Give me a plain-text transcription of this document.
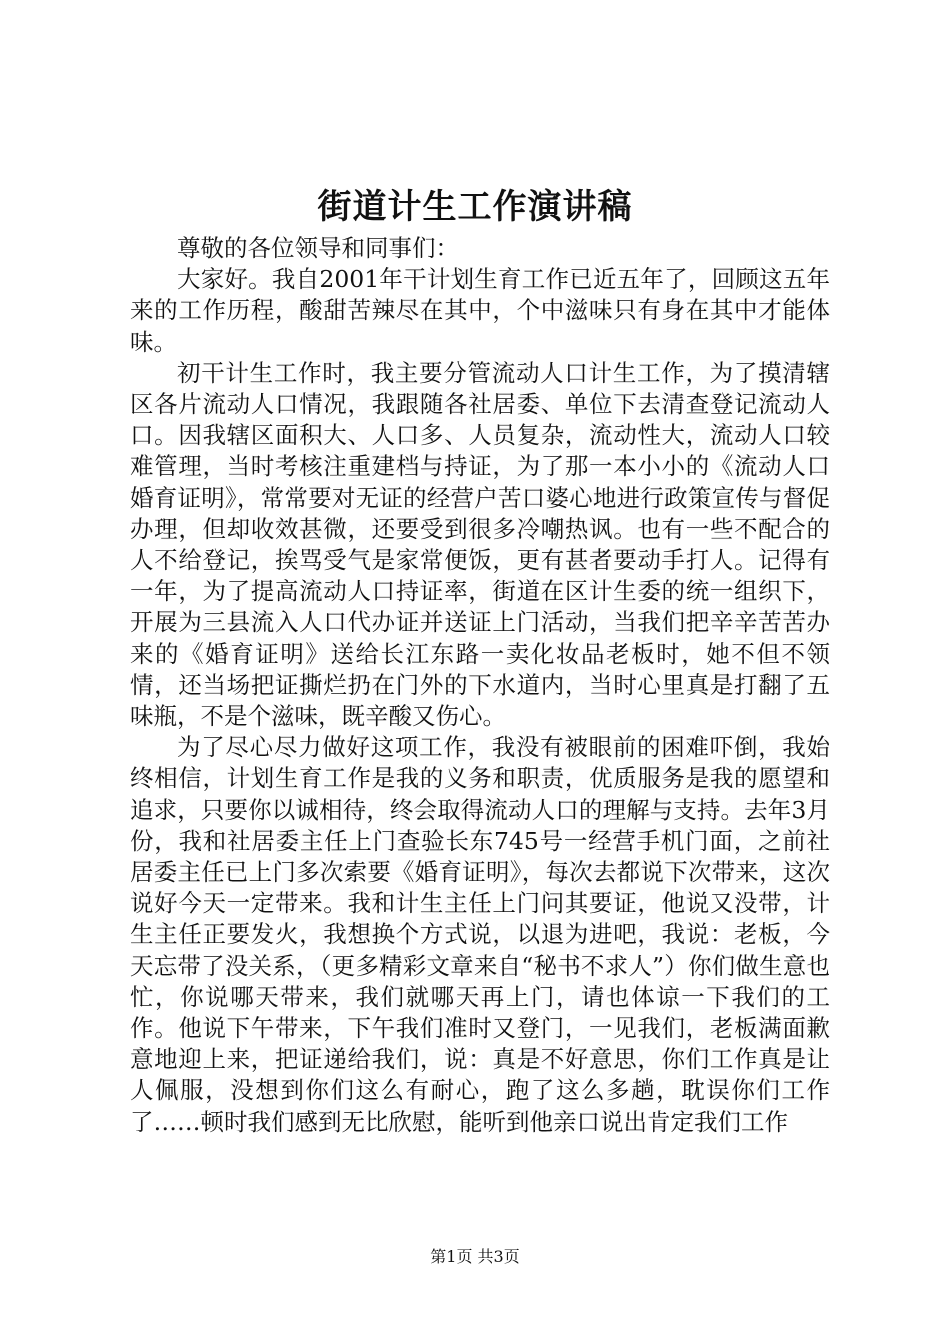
街道计生工作演讲稿

尊敬的各位领导和同事们：

大家好。我自2001年干计划生育工作已近五年了，回顾这五年来的工作历程，酸甜苦辣尽在其中，个中滋味只有身在其中才能体味。

初干计生工作时，我主要分管流动人口计生工作，为了摸清辖区各片流动人口情况，我跟随各社居委、单位下去清查登记流动人口。因我辖区面积大、人口多、人员复杂，流动性大，流动人口较难管理，当时考核注重建档与持证，为了那一本小小的《流动人口婚育证明》，常常要对无证的经营户苦口婆心地进行政策宣传与督促办理，但却收效甚微，还要受到很多冷嘲热讽。也有一些不配合的人不给登记，挨骂受气是家常便饭，更有甚者要动手打人。记得有一年，为了提高流动人口持证率，街道在区计生委的统一组织下，开展为三县流入人口代办证并送证上门活动，当我们把辛辛苦苦办来的《婚育证明》送给长江东路一卖化妆品老板时，她不但不领情，还当场把证撕烂扔在门外的下水道内，当时心里真是打翻了五味瓶，不是个滋味，既辛酸又伤心。

为了尽心尽力做好这项工作，我没有被眼前的困难吓倒，我始终相信，计划生育工作是我的义务和职责，优质服务是我的愿望和追求，只要你以诚相待，终会取得流动人口的理解与支持。去年3月份，我和社居委主任上门查验长东745号一经营手机门面，之前社居委主任已上门多次索要《婚育证明》，每次去都说下次带来，这次说好今天一定带来。我和计生主任上门问其要证，他说又没带，计生主任正要发火，我想换个方式说，以退为进吧，我说：老板，今天忘带了没关系，（更多精彩文章来自“秘书不求人”）你们做生意也忙，你说哪天带来，我们就哪天再上门，请也体谅一下我们的工作。他说下午带来，下午我们准时又登门，一见我们，老板满面歉意地迎上来，把证递给我们，说：真是不好意思，你们工作真是让人佩服，没想到你们这么有耐心，跑了这么多趟，耽误你们工作了……顿时我们感到无比欣慰，能听到他亲口说出肯定我们工作

第1页 共3页
